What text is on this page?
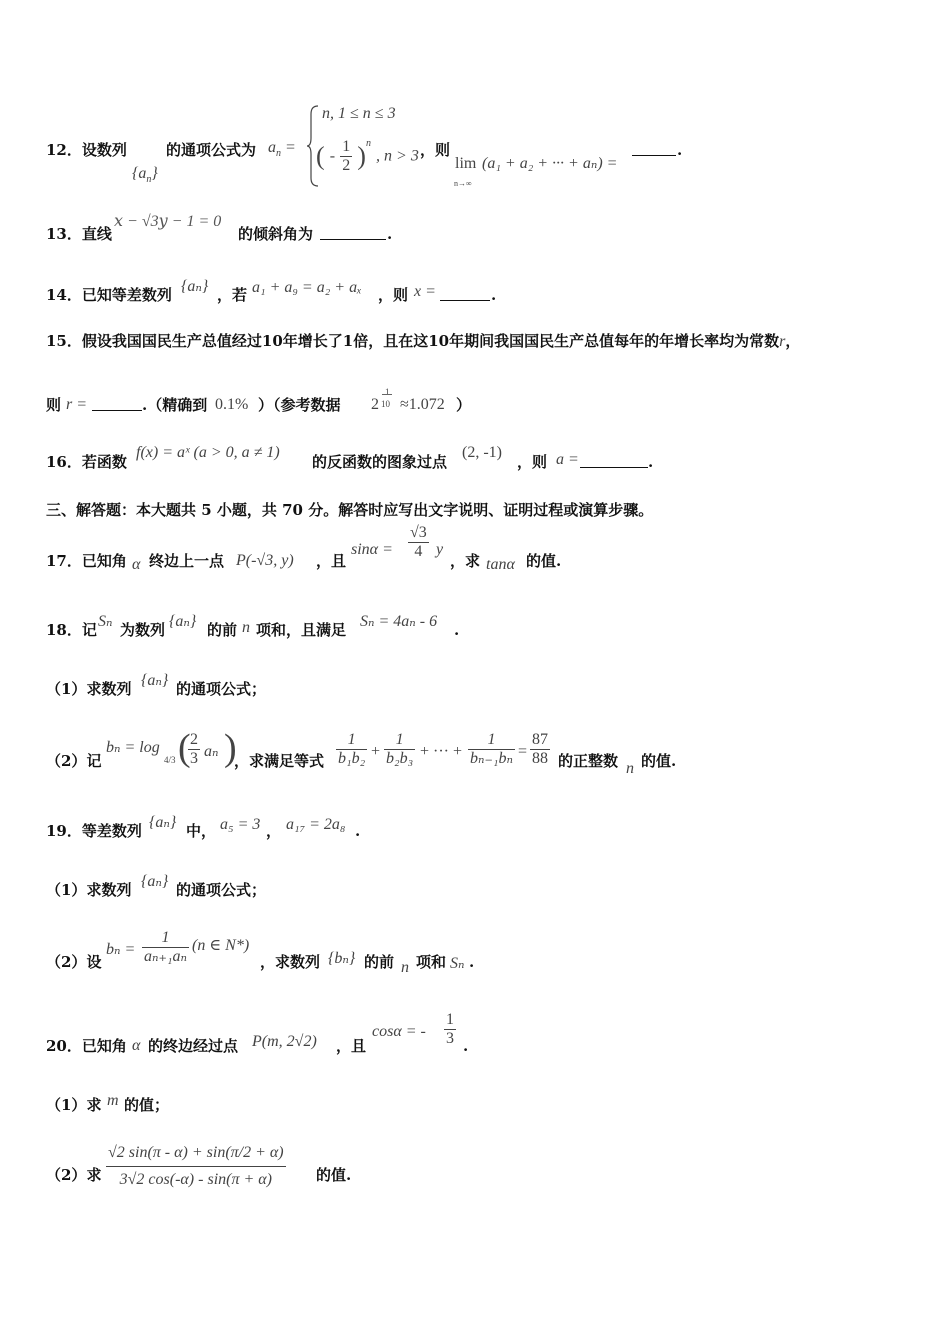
12．设数列
$\{a_n\}$
的通项公式为 $a_n$ =
n, 1 ≤ n ≤ 3
( - $\frac{1}{2} )^n$ , n > 3 ，则
lim
n→∞
(a₁ + a₂ + ··· + aₙ) =
.
13．直线
𝑥 − √3𝑦 − 1 = 0
的倾斜角为	.
14．已知等差数列 {aₙ} ，若 a₁ + a₉ = a₂ + aₓ	，则 x =	.
15．假设我国国民生产总值经过10年增长了1倍，且在这10年期间我国国民生产总值每年的年增长率均为常数r，
则 r =	.（精确到 0.1% ）（参考数据	2
1
10 ≈1.072 ）
16．若函数
f(x) = aˣ (a > 0, a ≠ 1)
的反函数的图象过点
(2, -1)
，则 a =	.
三、解答题：本大题共 5 小题，共 70 分。解答时应写出文字说明、证明过程或演算步骤。
17．已知角 α 终边上一点 P(-√3, y)	，且
$\sin\alpha = \frac{√3}{4}$ y
，求 tanα 的值.
18．记 Sₙ 为数列 {aₙ} 的前 n 项和，且满足 Sₙ = 4aₙ - 6	.
（1）求数列 {aₙ} 的通项公式；
（2）记
bₙ = log
4/3 (
$\frac{2}{3}$ aₙ )
，求满足等式 $\frac{1}{\text{b₁b₂}} + \frac{1}{\text{b₂b₃}}$ + ··· + $\frac{1}{\text{bₙ₋₁bₙ}} = \frac{87}{88}$ 的正整数 n 的值.
19．等差数列 {aₙ} 中， a₅ = 3 ， a₁₇ = 2a₈ .
（1）求数列 {aₙ} 的通项公式；
（2）设
$b_n = \frac{1}{\text{aₙ₊₁aₙ}} (n$ ∈ N*)
，求数列 {bₙ} 的前 n 项和 Sₙ .
20．已知角 α 的终边经过点 P(m, 2√2)	，且
cosα = -	$\frac{1}{3}$ .
（1）求 m 的值；
（2）求 $\frac{√2 \sin(\pi - \alpha) + \sin(\pi/2 + \alpha)}{3√2 \cos(-\alpha) - \sin(\pi + \alpha)}$ 的值.
